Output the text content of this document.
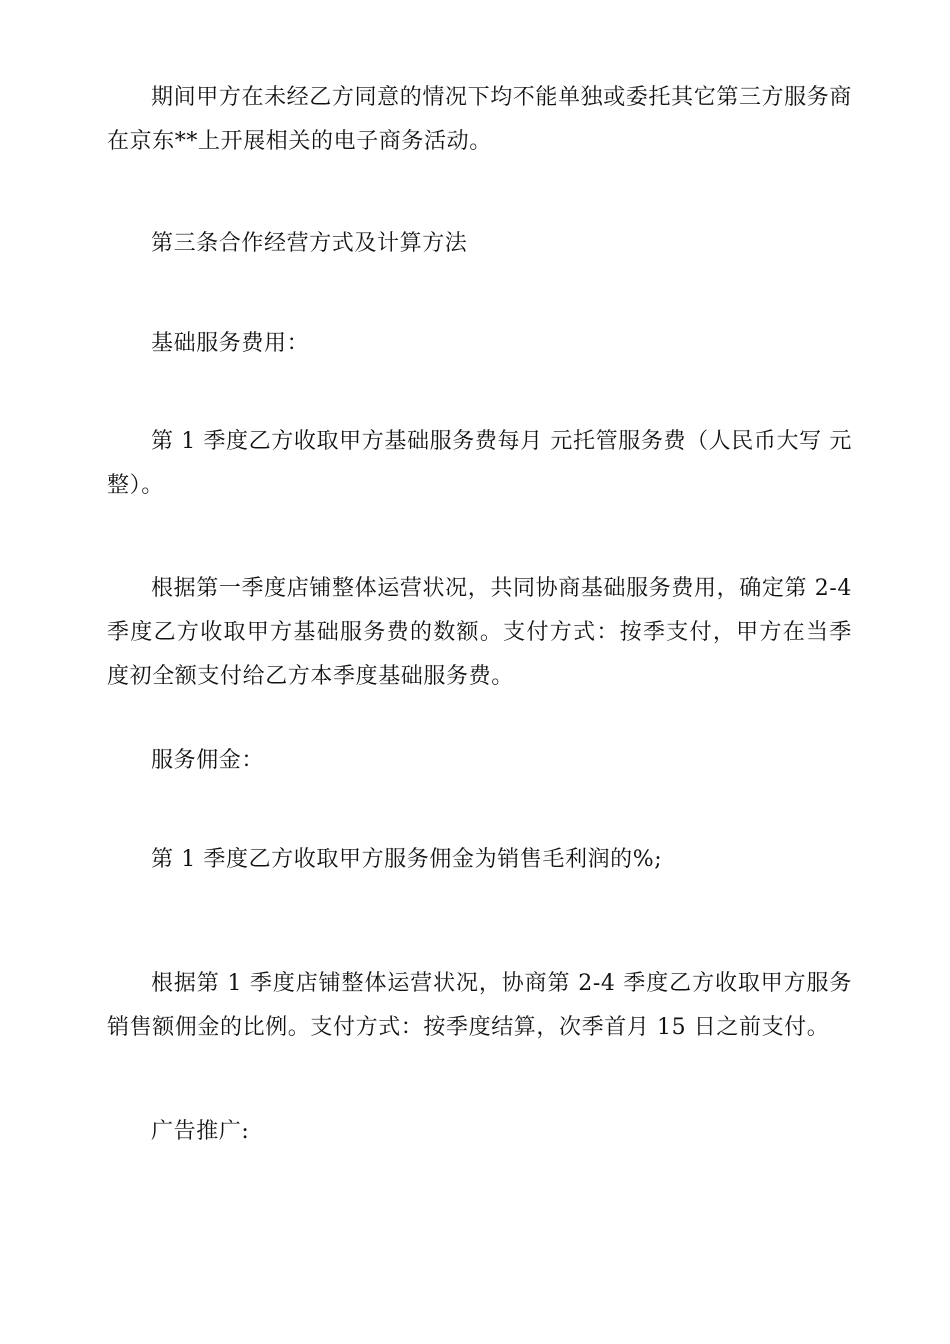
期间甲方在未经乙方同意的情况下均不能单独或委托其它第三方服务商在京东**上开展相关的电子商务活动。

第三条合作经营方式及计算方法

基础服务费用：

第 1 季度乙方收取甲方基础服务费每月 元托管服务费（人民币大写 元整）。

根据第一季度店铺整体运营状况，共同协商基础服务费用，确定第 2-4 季度乙方收取甲方基础服务费的数额。支付方式：按季支付，甲方在当季度初全额支付给乙方本季度基础服务费。

服务佣金：

第 1 季度乙方收取甲方服务佣金为销售毛利润的%;

根据第 1 季度店铺整体运营状况，协商第 2-4 季度乙方收取甲方服务 销售额佣金的比例。支付方式：按季度结算，次季首月 15 日之前支付。

广告推广:
